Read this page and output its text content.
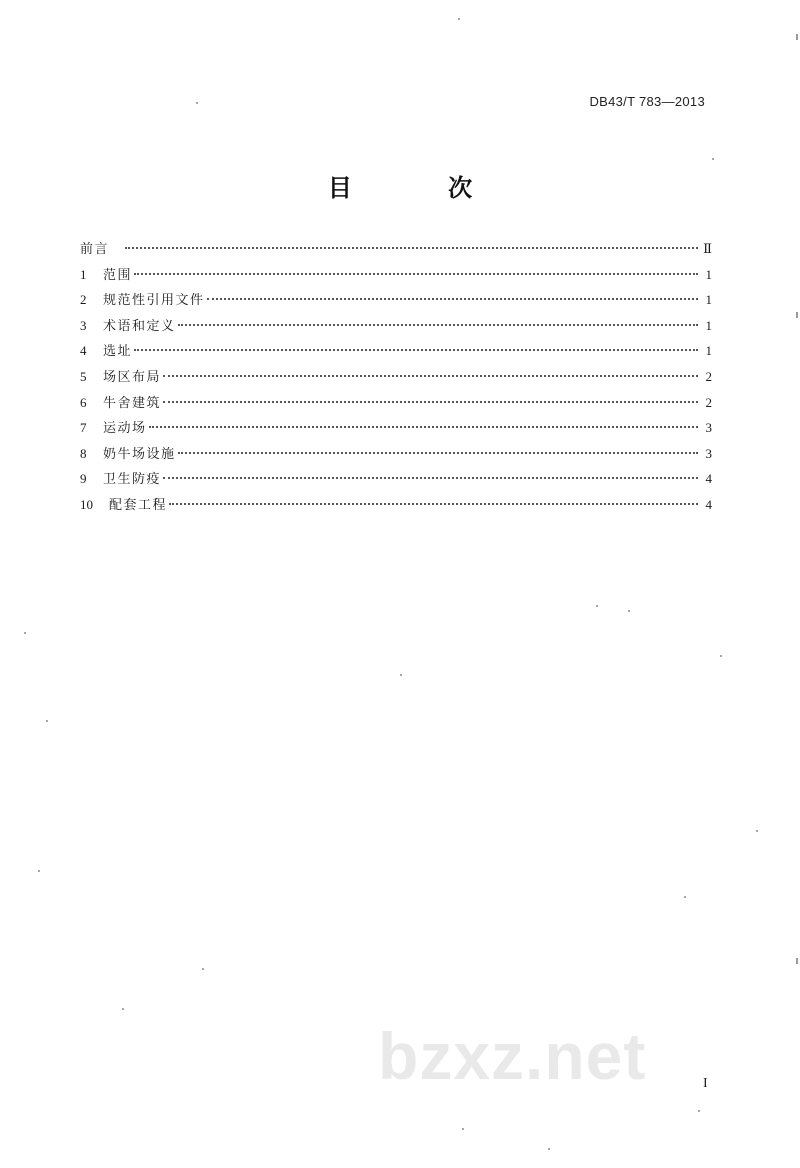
DB43/T 783—2013
目 次
前言	Ⅱ
1	范围	1
2	规范性引用文件	1
3	术语和定义	1
4	选址	1
5	场区布局	2
6	牛舍建筑	2
7	运动场	3
8	奶牛场设施	3
9	卫生防疫	4
10	配套工程	4
bzxz.net	I
